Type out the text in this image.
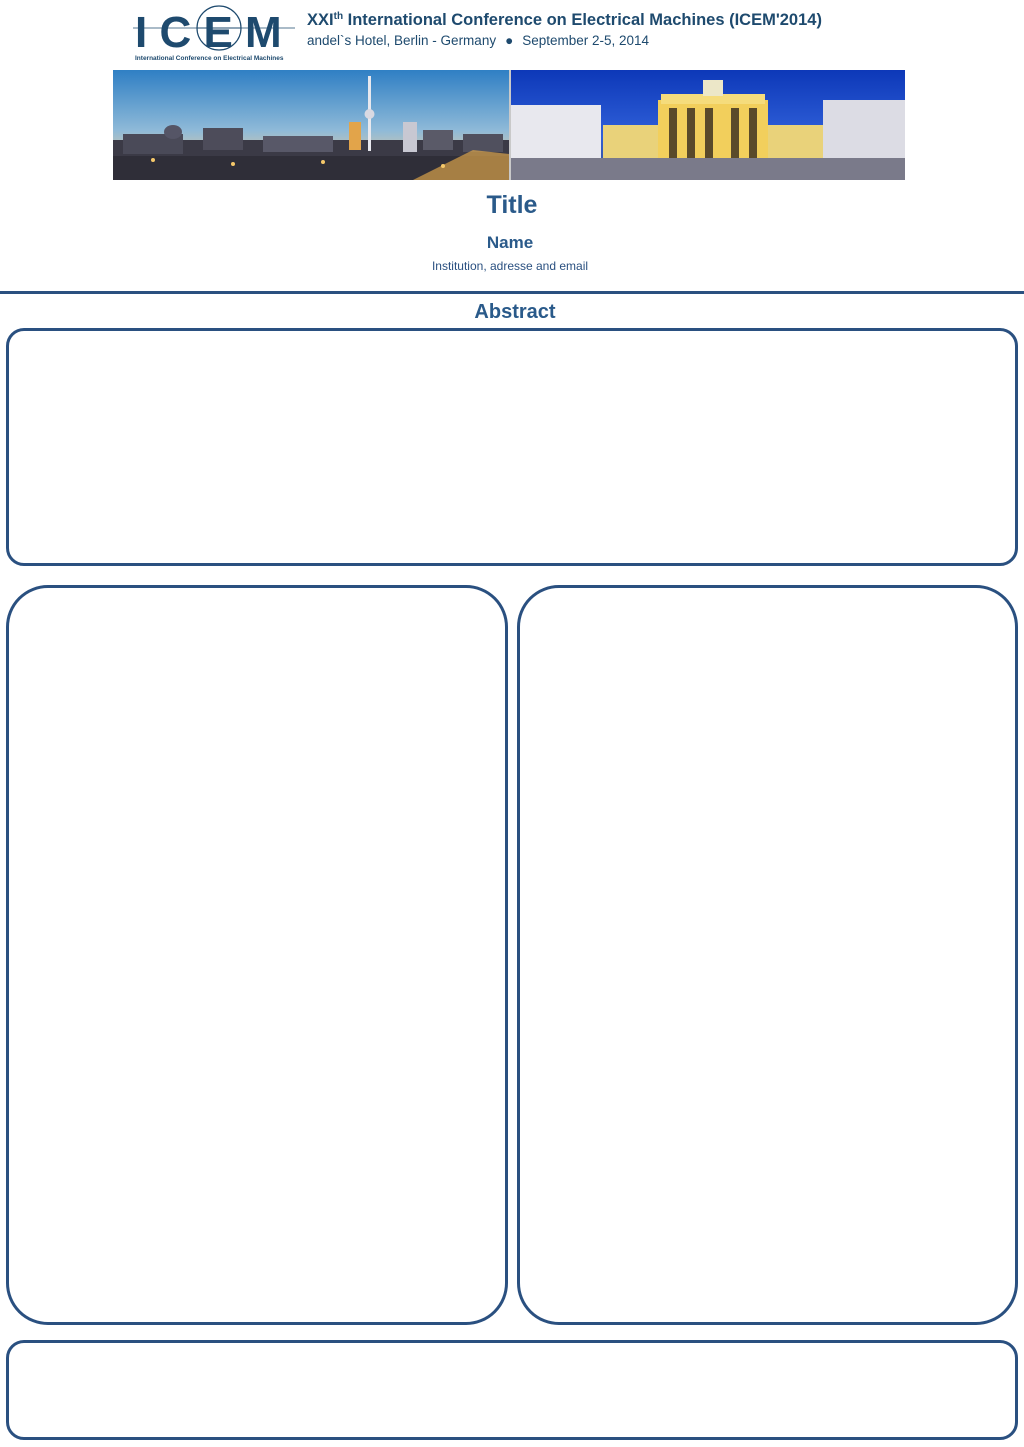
I C E M
International Conference on Electrical Machines
XXIth International Conference on Electrical Machines (ICEM'2014)
andel`s Hotel, Berlin - Germany ● September 2-5, 2014
Title
Name
Institution, adresse and email
Abstract
